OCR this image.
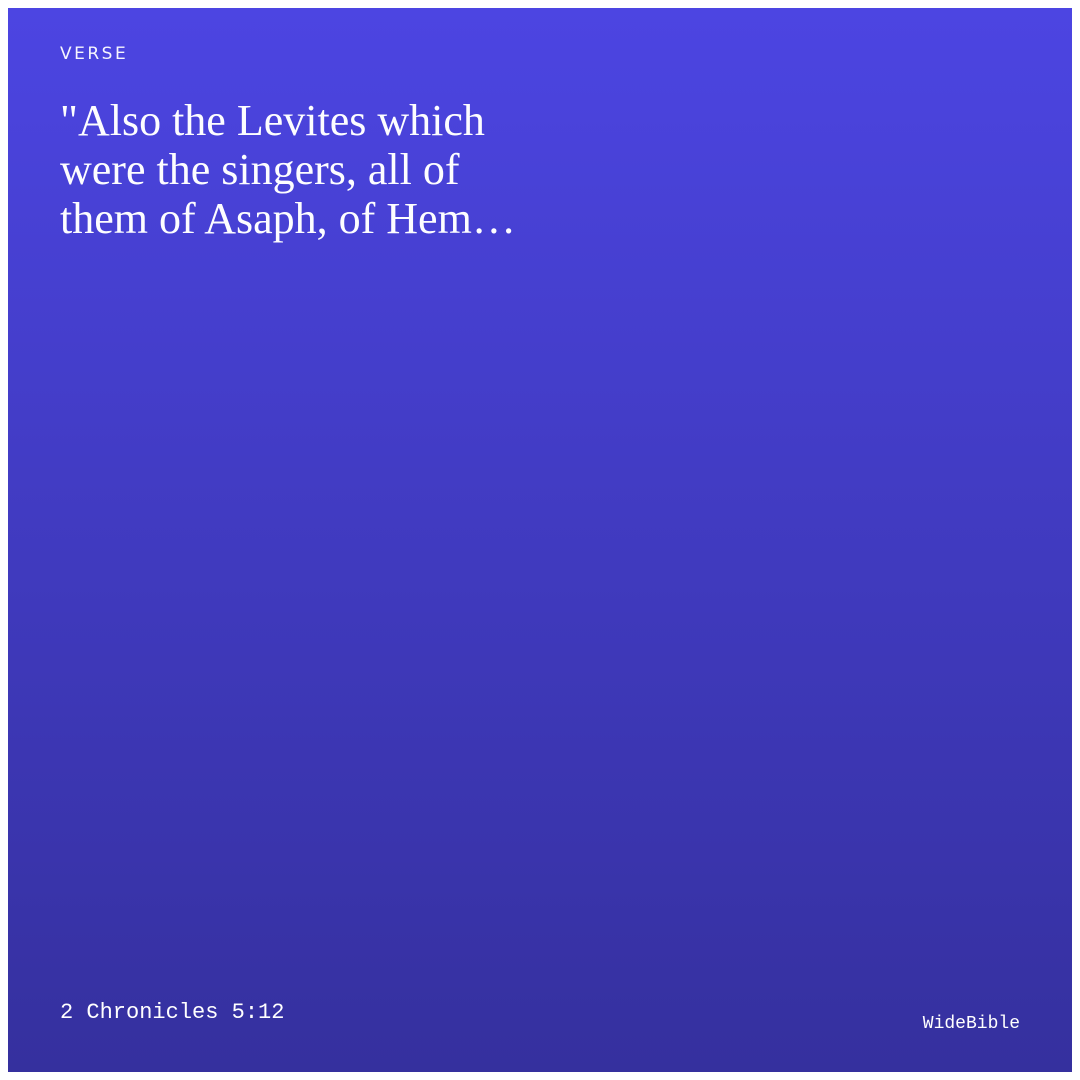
VERSE
"Also the Levites which
were the singers, all of
them of Asaph, of Hem…
2 Chronicles 5:12	WideBible
